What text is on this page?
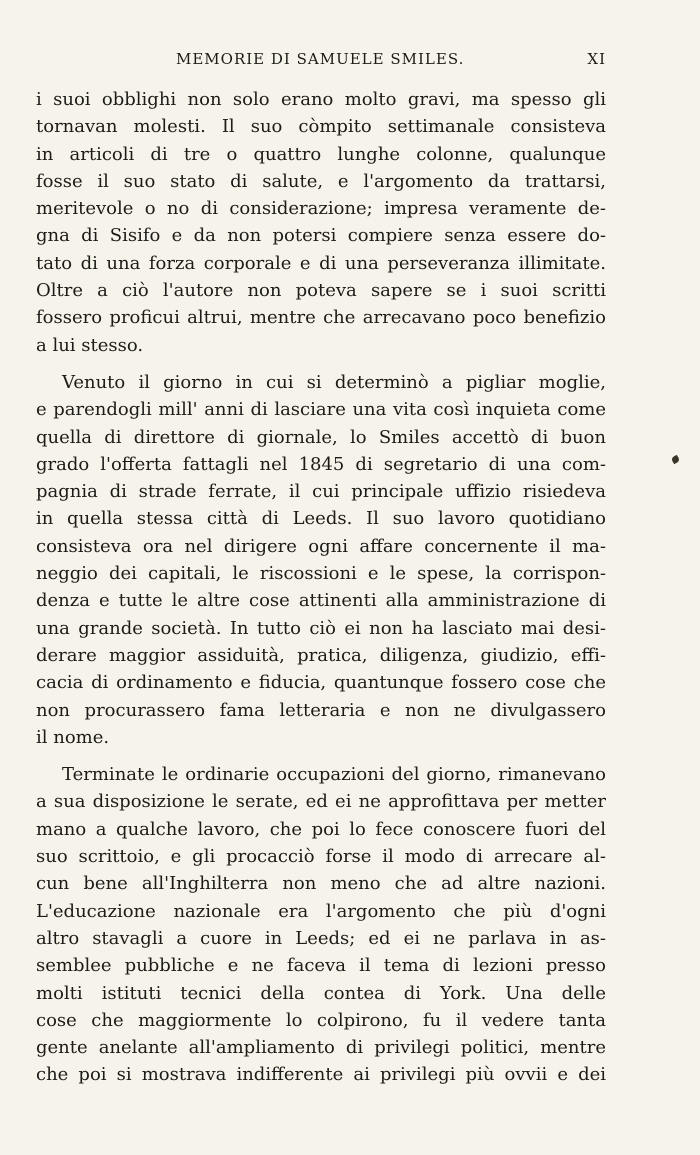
MEMORIE DI SAMUELE SMILES.	XI
i suoi obblighi non solo erano molto gravi, ma spesso gli
tornavan molesti. Il suo còmpito settimanale consisteva
in articoli di tre o quattro lunghe colonne, qualunque
fosse il suo stato di salute, e l'argomento da trattarsi,
meritevole o no di considerazione; impresa veramente de-
gna di Sisifo e da non potersi compiere senza essere do-
tato di una forza corporale e di una perseveranza illimitate.
Oltre a ciò l'autore non poteva sapere se i suoi scritti
fossero proficui altrui, mentre che arrecavano poco benefizio
a lui stesso.
Venuto il giorno in cui si determinò a pigliar moglie,
e parendogli mill' anni di lasciare una vita così inquieta come
quella di direttore di giornale, lo Smiles accettò di buon
grado l'offerta fattagli nel 1845 di segretario di una com-
pagnia di strade ferrate, il cui principale uffizio risiedeva
in quella stessa città di Leeds. Il suo lavoro quotidiano
consisteva ora nel dirigere ogni affare concernente il ma-
neggio dei capitali, le riscossioni e le spese, la corrispon-
denza e tutte le altre cose attinenti alla amministrazione di
una grande società. In tutto ciò ei non ha lasciato mai desi-
derare maggior assiduità, pratica, diligenza, giudizio, effi-
cacia di ordinamento e fiducia, quantunque fossero cose che
non procurassero fama letteraria e non ne divulgassero
il nome.
Terminate le ordinarie occupazioni del giorno, rimanevano
a sua disposizione le serate, ed ei ne approfittava per metter
mano a qualche lavoro, che poi lo fece conoscere fuori del
suo scrittoio, e gli procacciò forse il modo di arrecare al-
cun bene all'Inghilterra non meno che ad altre nazioni.
L'educazione nazionale era l'argomento che più d'ogni
altro stavagli a cuore in Leeds; ed ei ne parlava in as-
semblee pubbliche e ne faceva il tema di lezioni presso
molti istituti tecnici della contea di York. Una delle
cose che maggiormente lo colpirono, fu il vedere tanta
gente anelante all'ampliamento di privilegi politici, mentre
che poi si mostrava indifferente ai privilegi più ovvii e dei
